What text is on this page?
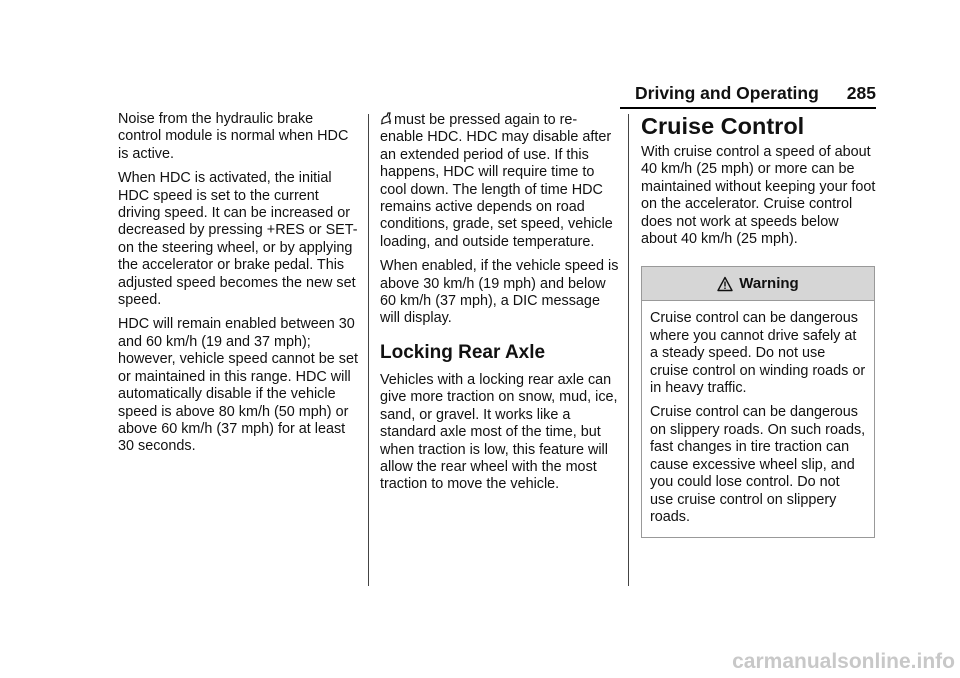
Driving and Operating 285

Noise from the hydraulic brake control module is normal when HDC is active.

When HDC is activated, the initial HDC speed is set to the current driving speed. It can be increased or decreased by pressing +RES or SET- on the steering wheel, or by applying the accelerator or brake pedal. This adjusted speed becomes the new set speed.

HDC will remain enabled between 30 and 60 km/h (19 and 37 mph); however, vehicle speed cannot be set or maintained in this range. HDC will automatically disable if the vehicle speed is above 80 km/h (50 mph) or above 60 km/h (37 mph) for at least 30 seconds.

must be pressed again to re-enable HDC. HDC may disable after an extended period of use. If this happens, HDC will require time to cool down. The length of time HDC remains active depends on road conditions, grade, set speed, vehicle loading, and outside temperature.

When enabled, if the vehicle speed is above 30 km/h (19 mph) and below 60 km/h (37 mph), a DIC message will display.

Locking Rear Axle

Vehicles with a locking rear axle can give more traction on snow, mud, ice, sand, or gravel. It works like a standard axle most of the time, but when traction is low, this feature will allow the rear wheel with the most traction to move the vehicle.

Cruise Control

With cruise control a speed of about 40 km/h (25 mph) or more can be maintained without keeping your foot on the accelerator. Cruise control does not work at speeds below about 40 km/h (25 mph).

Warning

Cruise control can be dangerous where you cannot drive safely at a steady speed. Do not use cruise control on winding roads or in heavy traffic.

Cruise control can be dangerous on slippery roads. On such roads, fast changes in tire traction can cause excessive wheel slip, and you could lose control. Do not use cruise control on slippery roads.

carmanualsonline.info
